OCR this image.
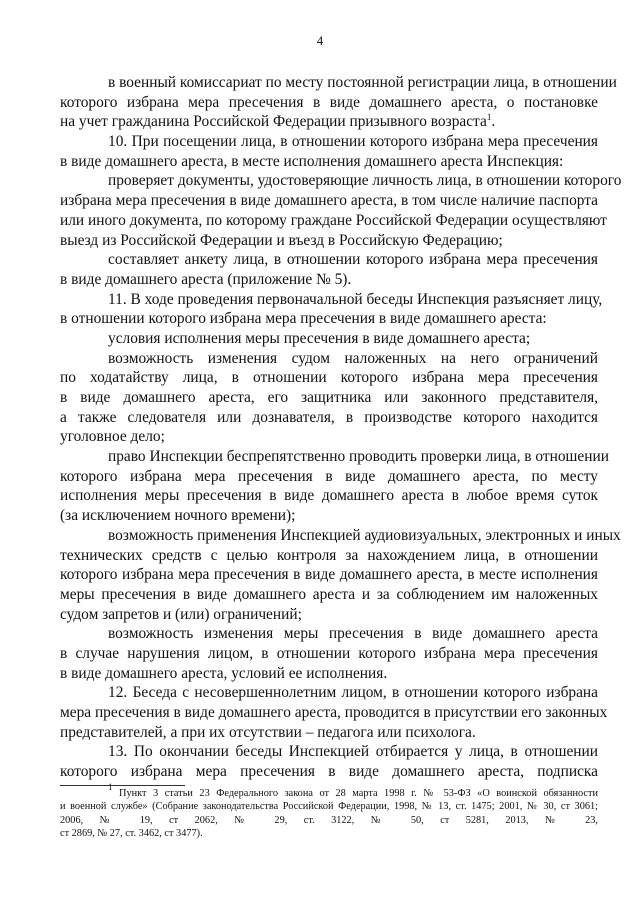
4
в военный комиссариат по месту постоянной регистрации лица, в отношении
которого избрана мера пресечения в виде домашнего ареста, о постановке
на учет гражданина Российской Федерации призывного возраста$^1$.
10. При посещении лица, в отношении которого избрана мера пресечения
в виде домашнего ареста, в месте исполнения домашнего ареста Инспекция:
проверяет документы, удостоверяющие личность лица, в отношении которого
избрана мера пресечения в виде домашнего ареста, в том числе наличие паспорта
или иного документа, по которому граждане Российской Федерации осуществляют
выезд из Российской Федерации и въезд в Российскую Федерацию;
составляет анкету лица, в отношении которого избрана мера пресечения
в виде домашнего ареста (приложение № 5).
11. В ходе проведения первоначальной беседы Инспекция разъясняет лицу,
в отношении которого избрана мера пресечения в виде домашнего ареста:
условия исполнения меры пресечения в виде домашнего ареста;
возможность изменения судом наложенных на него ограничений
по ходатайству лица, в отношении которого избрана мера пресечения
в виде домашнего ареста, его защитника или законного представителя,
а также следователя или дознавателя, в производстве которого находится
уголовное дело;
право Инспекции беспрепятственно проводить проверки лица, в отношении
которого избрана мера пресечения в виде домашнего ареста, по месту
исполнения меры пресечения в виде домашнего ареста в любое время суток
(за исключением ночного времени);
возможность применения Инспекцией аудиовизуальных, электронных и иных
технических средств с целью контроля за нахождением лица, в отношении
которого избрана мера пресечения в виде домашнего ареста, в месте исполнения
меры пресечения в виде домашнего ареста и за соблюдением им наложенных
судом запретов и (или) ограничений;
возможность изменения меры пресечения в виде домашнего ареста
в случае нарушения лицом, в отношении которого избрана мера пресечения
в виде домашнего ареста, условий ее исполнения.
12. Беседа с несовершеннолетним лицом, в отношении которого избрана
мера пресечения в виде домашнего ареста, проводится в присутствии его законных
представителей, а при их отсутствии – педагога или психолога.
13. По окончании беседы Инспекцией отбирается у лица, в отношении
которого избрана мера пресечения в виде домашнего ареста, подписка
$^1$ Пункт 3 статьи 23 Федерального закона от 28 марта 1998 г. № 53-ФЗ «О воинской обязанности
и военной службе» (Собрание законодательства Российской Федерации, 1998, № 13, ст. 1475; 2001, № 30, ст 3061;
2006, № 19, ст 2062, № 29, ст. 3122, № 50, ст 5281, 2013, № 23,
ст 2869, № 27, ст. 3462, ст 3477).
